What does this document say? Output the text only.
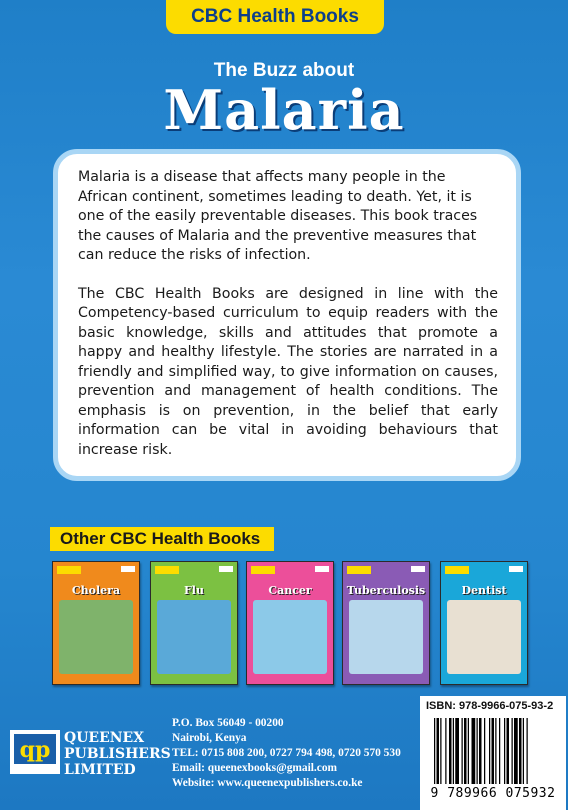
CBC Health Books
The Buzz about
Malaria

Malaria is a disease that affects many people in the African continent, sometimes leading to death. Yet, it is one of the easily preventable diseases. This book traces the causes of Malaria and the preventive measures that can reduce the risks of infection.

The CBC Health Books are designed in line with the Competency-based curriculum to equip readers with the basic knowledge, skills and attitudes that promote a happy and healthy lifestyle. The stories are narrated in a friendly and simplified way, to give information on causes, prevention and management of health conditions. The emphasis is on prevention, in the belief that early information can be vital in avoiding behaviours that increase risk.

Other CBC Health Books
Cholera	Flu	Cancer	Tuberculosis	Dentist
qp QUEENEX
PUBLISHERS
LIMITED
P.O. Box 56049 - 00200
Nairobi, Kenya
TEL: 0715 808 200, 0727 794 498, 0720 570 530
Email: queenexbooks@gmail.com
Website: www.queenexpublishers.co.ke
ISBN: 978-9966-075-93-2
9 789966 075932
